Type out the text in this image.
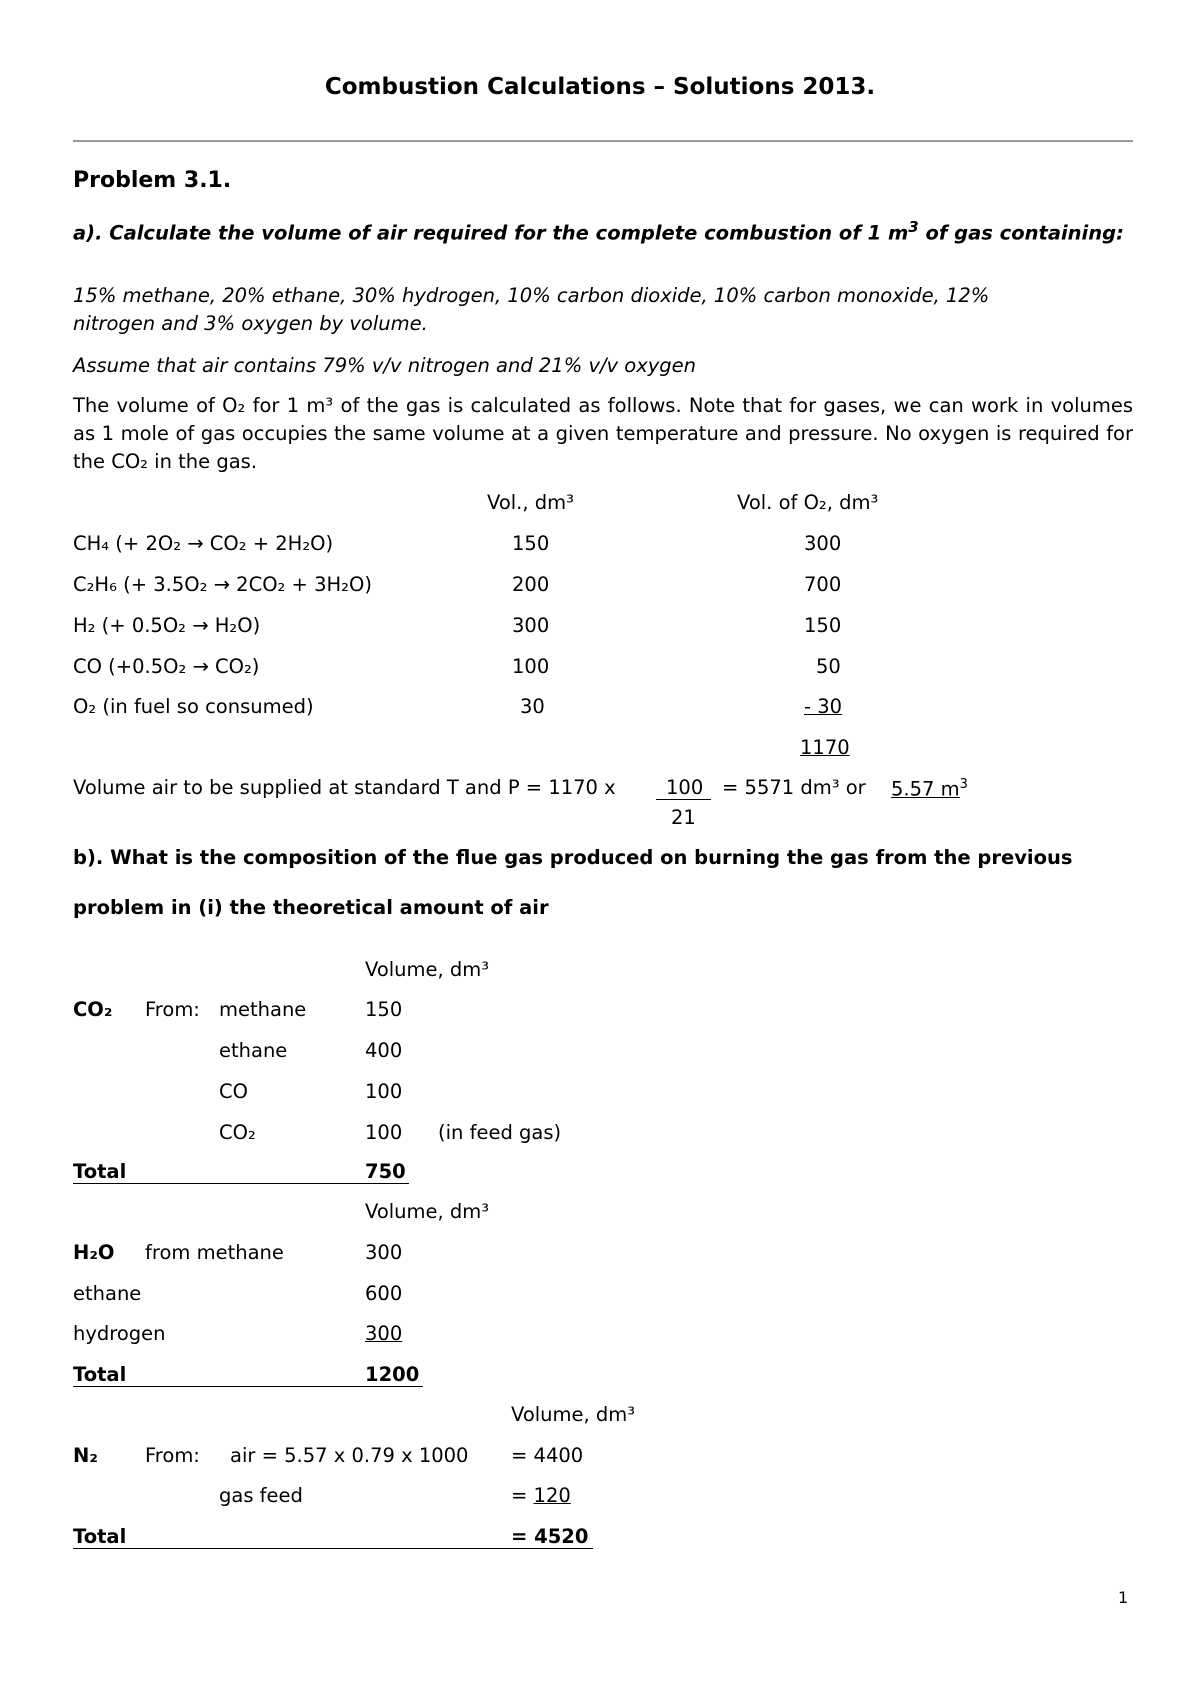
Combustion Calculations – Solutions 2013.
Problem 3.1.
a). Calculate the volume of air required for the complete combustion of 1 $m^3$ of gas containing:
15% methane, 20% ethane, 30% hydrogen, 10% carbon dioxide, 10% carbon monoxide, 12% nitrogen and 3% oxygen by volume.
Assume that air contains 79% v/v nitrogen and 21% v/v oxygen
The volume of O₂ for 1 m³ of the gas is calculated as follows. Note that for gases, we can work in volumes as 1 mole of gas occupies the same volume at a given temperature and pressure. No oxygen is required for the CO₂ in the gas.
Vol., dm³	Vol. of O₂, dm³
CH₄ (+ 2O₂ → CO₂ + 2H₂O)	150	300
C₂H₆ (+ 3.5O₂ → 2CO₂ + 3H₂O)	200	700
H₂ (+ 0.5O₂ → H₂O)	300	150
CO (+0.5O₂ → CO₂)	100	50
O₂ (in fuel so consumed)	30	- 30
1170
Volume air to be supplied at standard T and P = 1170 x	100 = 5571 dm³ or 5.57 $m^3$
21
b). What is the composition of the flue gas produced on burning the gas from the previous
problem in (i) the theoretical amount of air
Volume, dm³
CO₂ From: methane	150
ethane	400
CO	100
CO₂	100 (in feed gas)
Total	750
Volume, dm³
H₂O from methane	300
ethane	600
hydrogen	300
Total	1200
Volume, dm³
N₂ From: air = 5.57 x 0.79 x 1000 = 4400
gas feed	= 120
Total	= 4520
1
